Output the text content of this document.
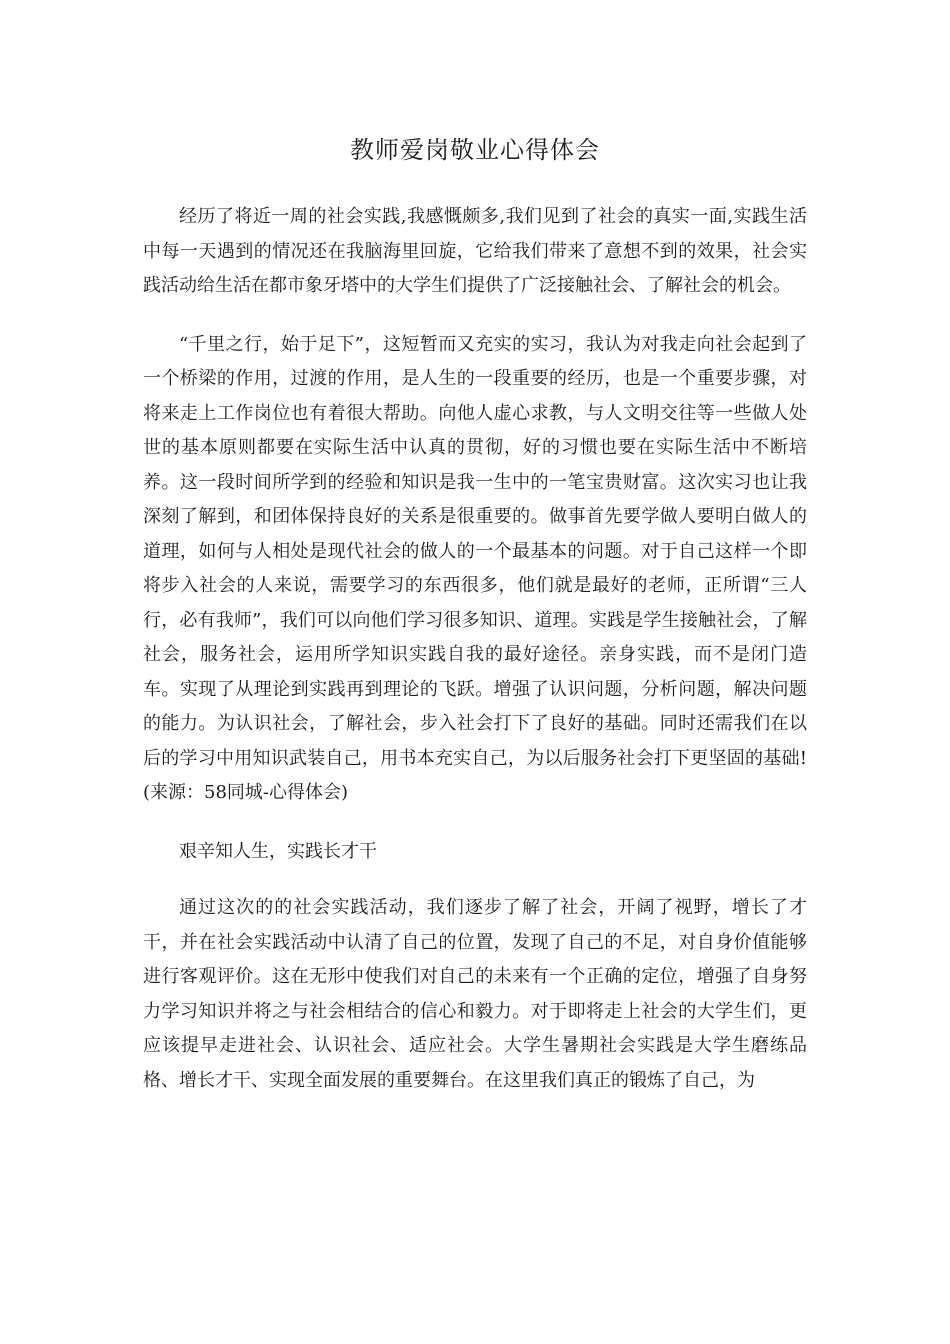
教师爱岗敬业心得体会

经历了将近一周的社会实践,我感慨颇多,我们见到了社会的真实一面,实践生活中每一天遇到的情况还在我脑海里回旋，它给我们带来了意想不到的效果，社会实践活动给生活在都市象牙塔中的大学生们提供了广泛接触社会、了解社会的机会。

“千里之行，始于足下”，这短暂而又充实的实习，我认为对我走向社会起到了一个桥梁的作用，过渡的作用，是人生的一段重要的经历，也是一个重要步骤，对将来走上工作岗位也有着很大帮助。向他人虚心求教，与人文明交往等一些做人处世的基本原则都要在实际生活中认真的贯彻，好的习惯也要在实际生活中不断培养。这一段时间所学到的经验和知识是我一生中的一笔宝贵财富。这次实习也让我深刻了解到，和团体保持良好的关系是很重要的。做事首先要学做人要明白做人的道理，如何与人相处是现代社会的做人的一个最基本的问题。对于自己这样一个即将步入社会的人来说，需要学习的东西很多，他们就是最好的老师，正所谓“三人行，必有我师”，我们可以向他们学习很多知识、道理。实践是学生接触社会，了解社会，服务社会，运用所学知识实践自我的最好途径。亲身实践，而不是闭门造车。实现了从理论到实践再到理论的飞跃。增强了认识问题，分析问题，解决问题的能力。为认识社会，了解社会，步入社会打下了良好的基础。同时还需我们在以后的学习中用知识武装自己，用书本充实自己，为以后服务社会打下更坚固的基础!(来源：58同城-心得体会)

艰辛知人生，实践长才干

通过这次的的社会实践活动，我们逐步了解了社会，开阔了视野，增长了才干，并在社会实践活动中认清了自己的位置，发现了自己的不足，对自身价值能够进行客观评价。这在无形中使我们对自己的未来有一个正确的定位，增强了自身努力学习知识并将之与社会相结合的信心和毅力。对于即将走上社会的大学生们，更应该提早走进社会、认识社会、适应社会。大学生暑期社会实践是大学生磨练品格、增长才干、实现全面发展的重要舞台。在这里我们真正的锻炼了自己，为
